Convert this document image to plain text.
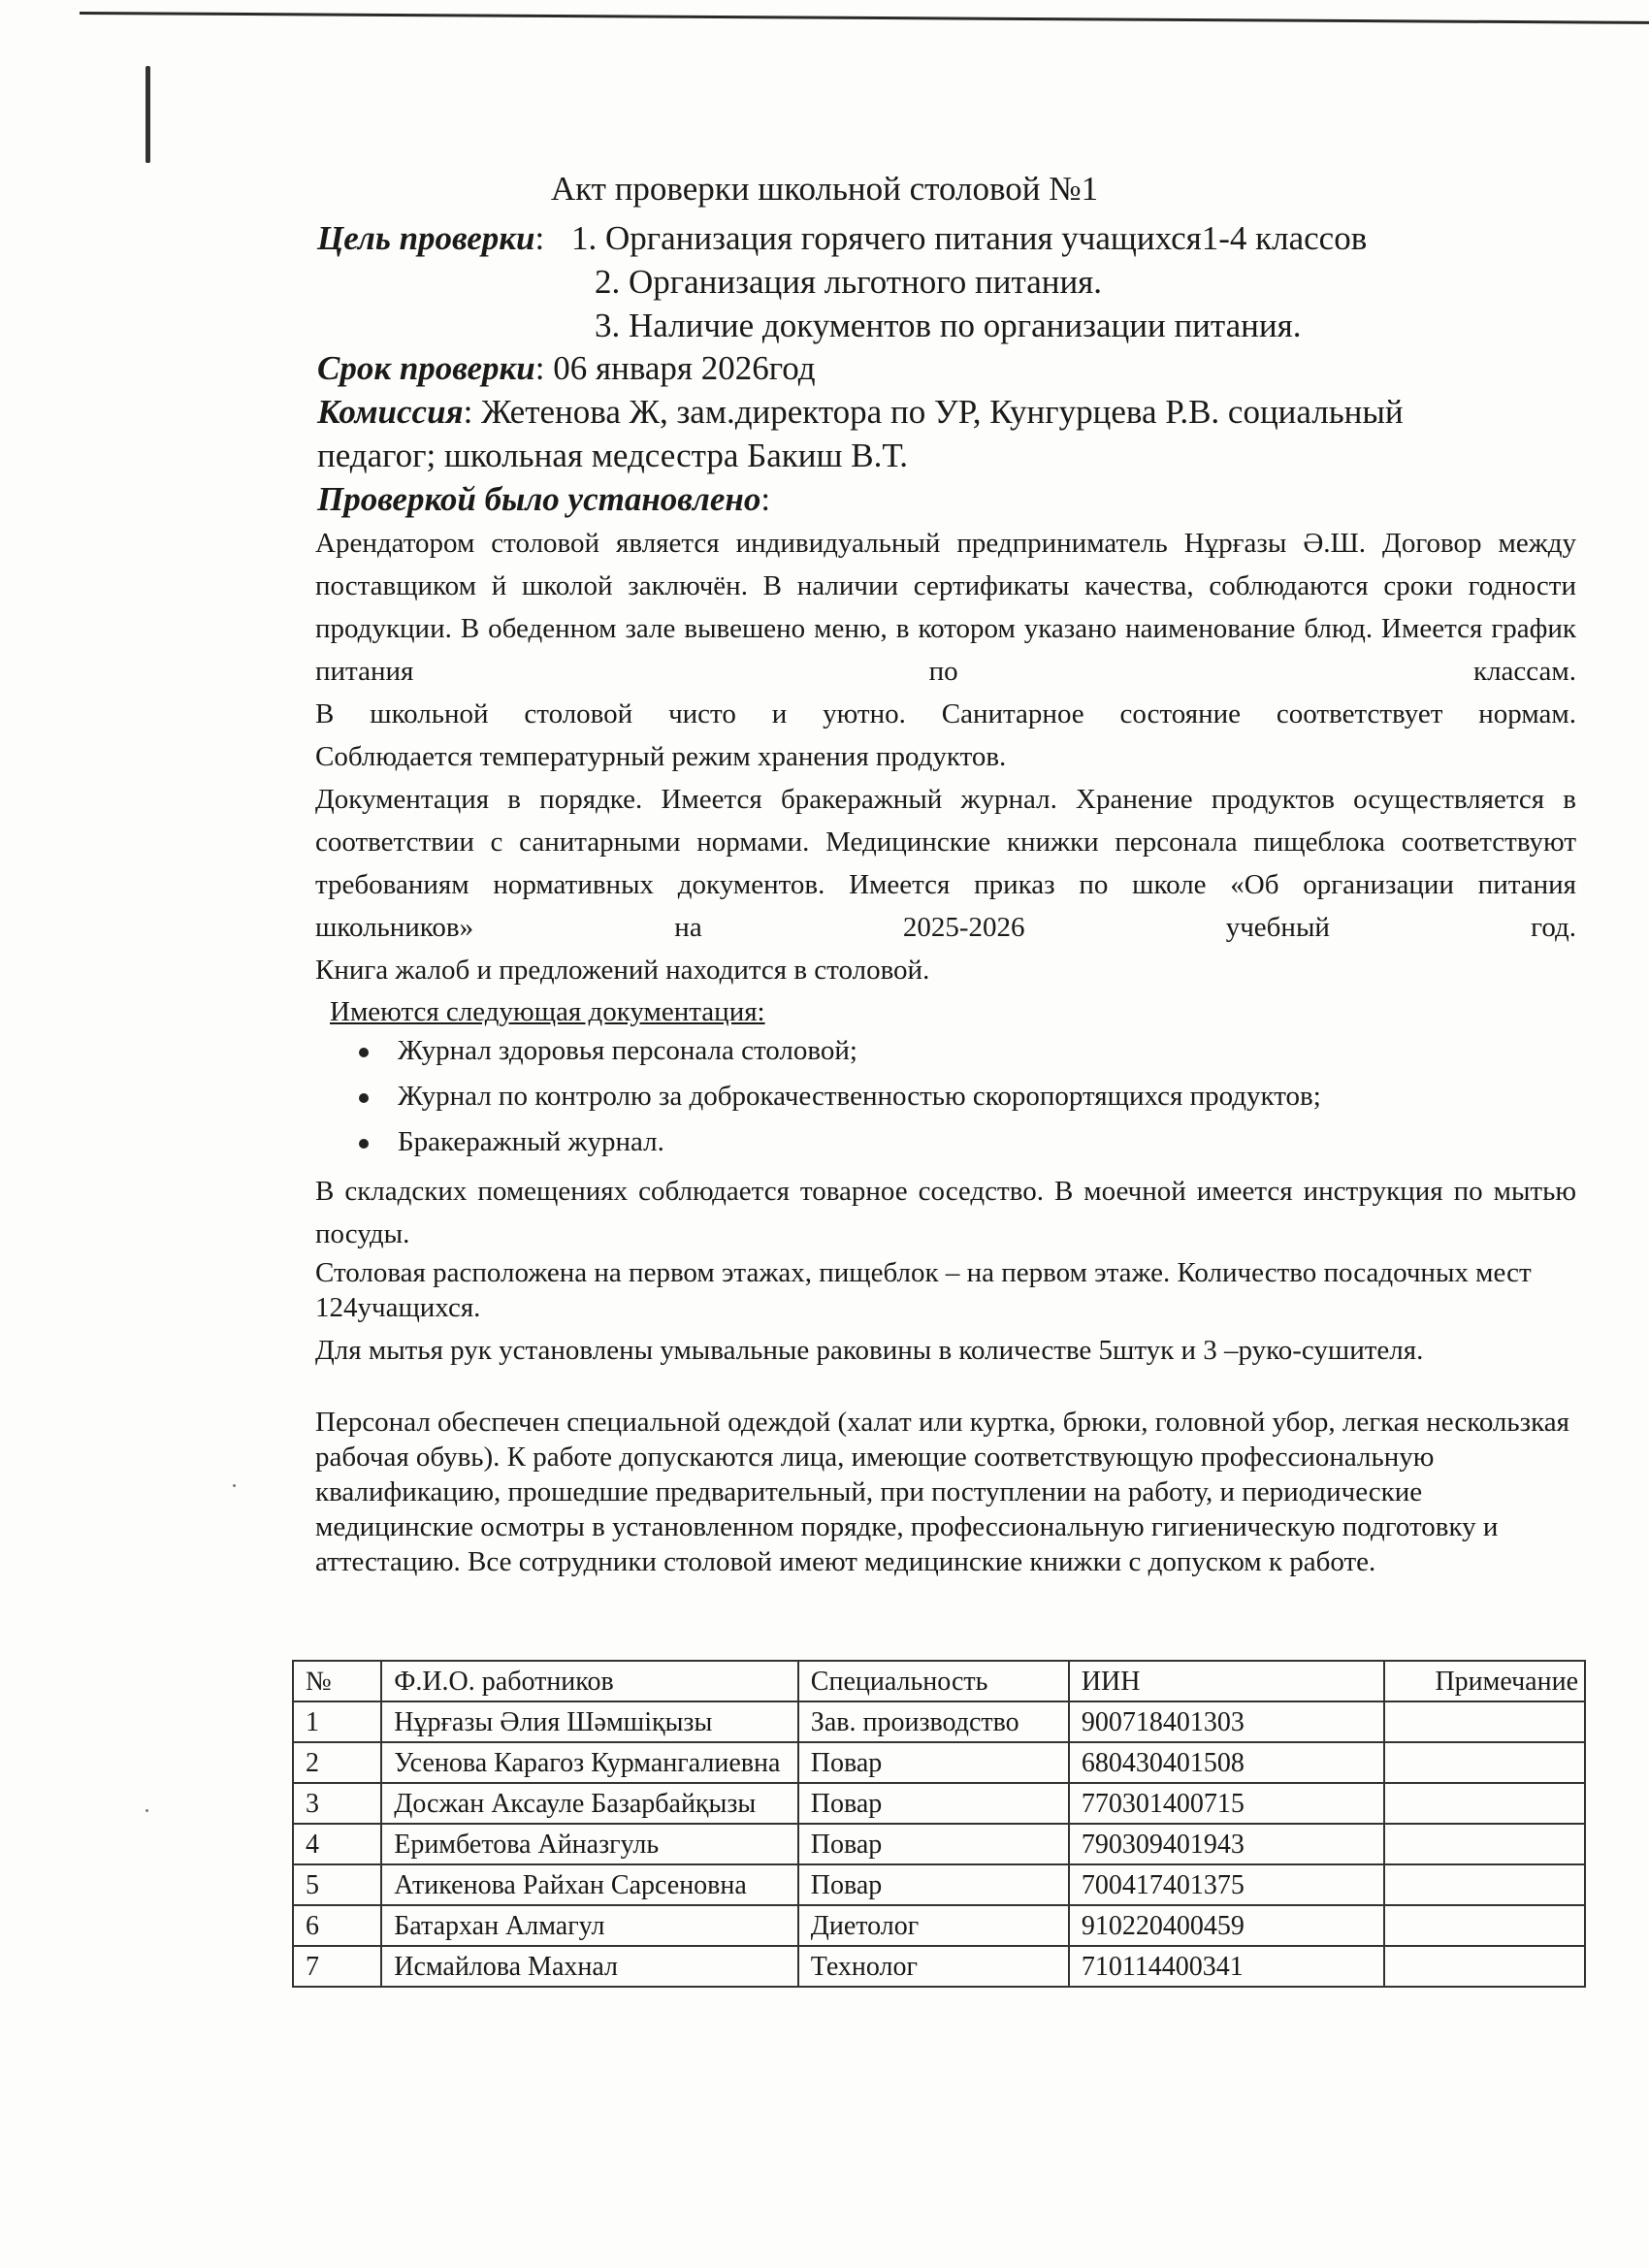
Акт проверки школьной столовой №1
Цель проверки: 1. Организация горячего питания учащихся1-4 классов
2. Организация льготного питания.
3. Наличие документов по организации питания.
Срок проверки: 06 января 2026год
Комиссия: Жетенова Ж, зам.директора по УР, Кунгурцева Р.В. социальный
педагог; школьная медсестра Бакиш В.Т.
Проверкой было установлено:
Арендатором столовой является индивидуальный предприниматель Нұрғазы Ә.Ш. Договор между поставщиком й школой заключён. В наличии сертификаты качества, соблюдаются сроки годности продукции. В обеденном зале вывешено меню, в котором указано наименование блюд. Имеется график питания по классам.
В школьной столовой чисто и уютно. Санитарное состояние соответствует нормам.
Соблюдается температурный режим хранения продуктов.
Документация в порядке. Имеется бракеражный журнал. Хранение продуктов осуществляется в соответствии с санитарными нормами. Медицинские книжки персонала пищеблока соответствуют требованиям нормативных документов. Имеется приказ по школе «Об организации питания школьников» на 2025-2026 учебный год.
Книга жалоб и предложений находится в столовой.
Имеются следующая документация:
Журнал здоровья персонала столовой;
Журнал по контролю за доброкачественностью скоропортящихся продуктов;
Бракеражный журнал.
В складских помещениях соблюдается товарное соседство. В моечной имеется инструкция по мытью посуды.
Столовая расположена на первом этажах, пищеблок – на первом этаже. Количество посадочных мест 124учащихся.
Для мытья рук установлены умывальные раковины в количестве 5штук и 3 –руко-сушителя.
Персонал обеспечен специальной одеждой (халат или куртка, брюки, головной убор, легкая нескользкая рабочая обувь). К работе допускаются лица, имеющие соответствующую профессиональную квалификацию, прошедшие предварительный, при поступлении на работу, и периодические медицинские осмотры в установленном порядке, профессиональную гигиеническую подготовку и аттестацию. Все сотрудники столовой имеют медицинские книжки с допуском к работе.
№	Ф.И.О. работников	Специальность	ИИН	Примечание
1	Нұрғазы Әлия Шәмшіқызы	Зав. производство	900718401303	
2	Усенова Карагоз Курмангалиевна	Повар	680430401508	
3	Досжан Аксауле Базарбайқызы	Повар	770301400715	
4	Еримбетова Айназгуль	Повар	790309401943	
5	Атикенова Райхан Сарсеновна	Повар	700417401375	
6	Батархан Алмагул	Диетолог	910220400459	
7	Исмайлова Махнал	Технолог	710114400341	
